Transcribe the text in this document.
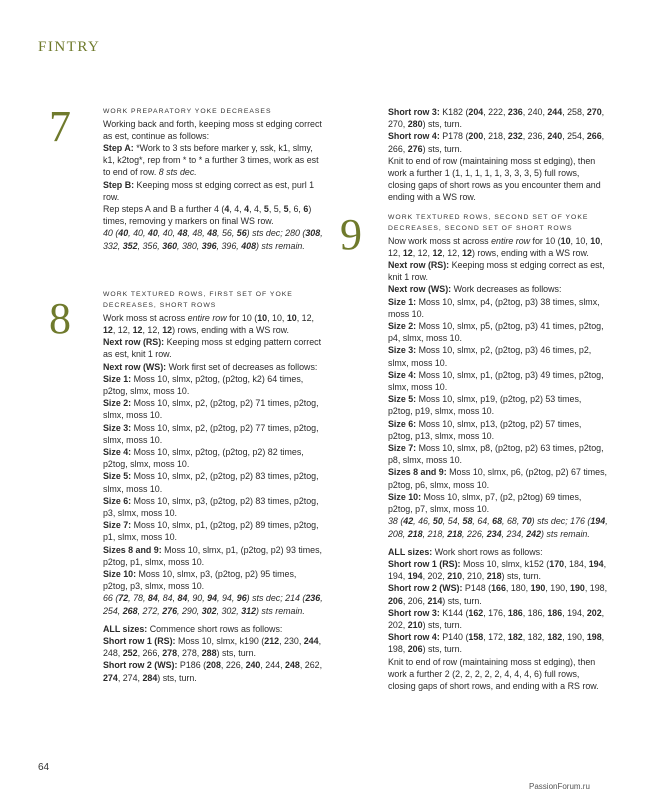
FINTRY
7
8
9

WORK PREPARATORY YOKE DECREASES

Working back and forth, keeping moss st edging correct as est, continue as follows:

Step A: *Work to 3 sts before marker y, ssk, k1, slmy, k1, k2tog*, rep from * to * a further 3 times, work as est to end of row. 8 sts dec.

Step B: Keeping moss st edging correct as est, purl 1 row.

Rep steps A and B a further 4 (4, 4, 4, 4, 5, 5, 5, 6, 6) times, removing y markers on final WS row.

40 (40, 40, 40, 40, 48, 48, 48, 56, 56) sts dec; 280 (308, 332, 352, 356, 360, 380, 396, 396, 408) sts remain.

WORK TEXTURED ROWS, FIRST SET OF YOKE DECREASES, SHORT ROWS

Work moss st across entire row for 10 (10, 10, 10, 12, 12, 12, 12, 12, 12) rows, ending with a WS row.

Next row (RS): Keeping moss st edging pattern correct as est, knit 1 row.

Next row (WS): Work first set of decreases as follows:

Size 1: Moss 10, slmx, p2tog, (p2tog, k2) 64 times, p2tog, slmx, moss 10.

Size 2: Moss 10, slmx, p2, (p2tog, p2) 71 times, p2tog, slmx, moss 10.

Size 3: Moss 10, slmx, p2, (p2tog, p2) 77 times, p2tog, slmx, moss 10.

Size 4: Moss 10, slmx, p2tog, (p2tog, p2) 82 times, p2tog, slmx, moss 10.

Size 5: Moss 10, slmx, p2, (p2tog, p2) 83 times, p2tog, slmx, moss 10.

Size 6: Moss 10, slmx, p3, (p2tog, p2) 83 times, p2tog, p3, slmx, moss 10.

Size 7: Moss 10, slmx, p1, (p2tog, p2) 89 times, p2tog, p1, slmx, moss 10.

Sizes 8 and 9: Moss 10, slmx, p1, (p2tog, p2) 93 times, p2tog, p1, slmx, moss 10.

Size 10: Moss 10, slmx, p3, (p2tog, p2) 95 times, p2tog, p3, slmx, moss 10.

66 (72, 78, 84, 84, 84, 90, 94, 94, 96) sts dec; 214 (236, 254, 268, 272, 276, 290, 302, 302, 312) sts remain.

ALL sizes: Commence short rows as follows:

Short row 1 (RS): Moss 10, slmx, k190 (212, 230, 244, 248, 252, 266, 278, 278, 288) sts, turn.

Short row 2 (WS): P186 (208, 226, 240, 244, 248, 262, 274, 274, 284) sts, turn.

Short row 3: K182 (204, 222, 236, 240, 244, 258, 270, 270, 280) sts, turn.

Short row 4: P178 (200, 218, 232, 236, 240, 254, 266, 266, 276) sts, turn.

Knit to end of row (maintaining moss st edging), then work a further 1 (1, 1, 1, 1, 1, 3, 3, 3, 5) full rows, closing gaps of short rows as you encounter them and ending with a WS row.

WORK TEXTURED ROWS, SECOND SET OF YOKE DECREASES, SECOND SET OF SHORT ROWS

Now work moss st across entire row for 10 (10, 10, 10, 12, 12, 12, 12, 12, 12) rows, ending with a WS row.

Next row (RS): Keeping moss st edging correct as est, knit 1 row.

Next row (WS): Work decreases as follows:

Size 1: Moss 10, slmx, p4, (p2tog, p3) 38 times, slmx, moss 10.

Size 2: Moss 10, slmx, p5, (p2tog, p3) 41 times, p2tog, p4, slmx, moss 10.

Size 3: Moss 10, slmx, p2, (p2tog, p3) 46 times, p2, slmx, moss 10.

Size 4: Moss 10, slmx, p1, (p2tog, p3) 49 times, p2tog, slmx, moss 10.

Size 5: Moss 10, slmx, p19, (p2tog, p2) 53 times, p2tog, p19, slmx, moss 10.

Size 6: Moss 10, slmx, p13, (p2tog, p2) 57 times, p2tog, p13, slmx, moss 10.

Size 7: Moss 10, slmx, p8, (p2tog, p2) 63 times, p2tog, p8, slmx, moss 10.

Sizes 8 and 9: Moss 10, slmx, p6, (p2tog, p2) 67 times, p2tog, p6, slmx, moss 10.

Size 10: Moss 10, slmx, p7, (p2, p2tog) 69 times, p2tog, p7, slmx, moss 10.

38 (42, 46, 50, 54, 58, 64, 68, 68, 70) sts dec; 176 (194, 208, 218, 218, 218, 226, 234, 234, 242) sts remain.

ALL sizes: Work short rows as follows:

Short row 1 (RS): Moss 10, slmx, k152 (170, 184, 194, 194, 194, 202, 210, 210, 218) sts, turn.

Short row 2 (WS): P148 (166, 180, 190, 190, 190, 198, 206, 206, 214) sts, turn.

Short row 3: K144 (162, 176, 186, 186, 186, 194, 202, 202, 210) sts, turn.

Short row 4: P140 (158, 172, 182, 182, 182, 190, 198, 198, 206) sts, turn.

Knit to end of row (maintaining moss st edging), then work a further 2 (2, 2, 2, 2, 2, 4, 4, 4, 6) full rows, closing gaps of short rows, and ending with a RS row.

64
PassionForum.ru
